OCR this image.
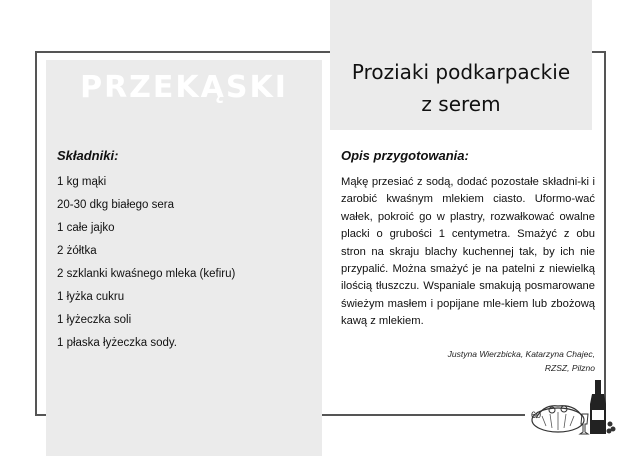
PRZEKĄSKI
Składniki:
1 kg mąki
20-30 dkg białego sera
1 całe jajko
2 żółtka
2 szklanki kwaśnego mleka (kefiru)
1 łyżka cukru
1 łyżeczka soli
1 płaska łyżeczka sody.
Proziaki podkarpackie
z serem
Opis przygotowania:
Mąkę przesiać z sodą, dodać pozostałe składni-ki i zarobić kwaśnym mlekiem ciasto. Uformo-wać wałek, pokroić go w plastry, rozwałkować owalne placki o grubości 1 centymetra. Smażyć z obu stron na skraju blachy kuchennej tak, by ich nie przypalić. Można smażyć je na patelni z niewielką ilością tłuszczu. Wspaniale smakują posmarowane świeżym masłem i popijane mle-kiem lub zbożową kawą z mlekiem.
Justyna Wierzbicka, Katarzyna Chajec,
RZSZ, Pilzno
60
